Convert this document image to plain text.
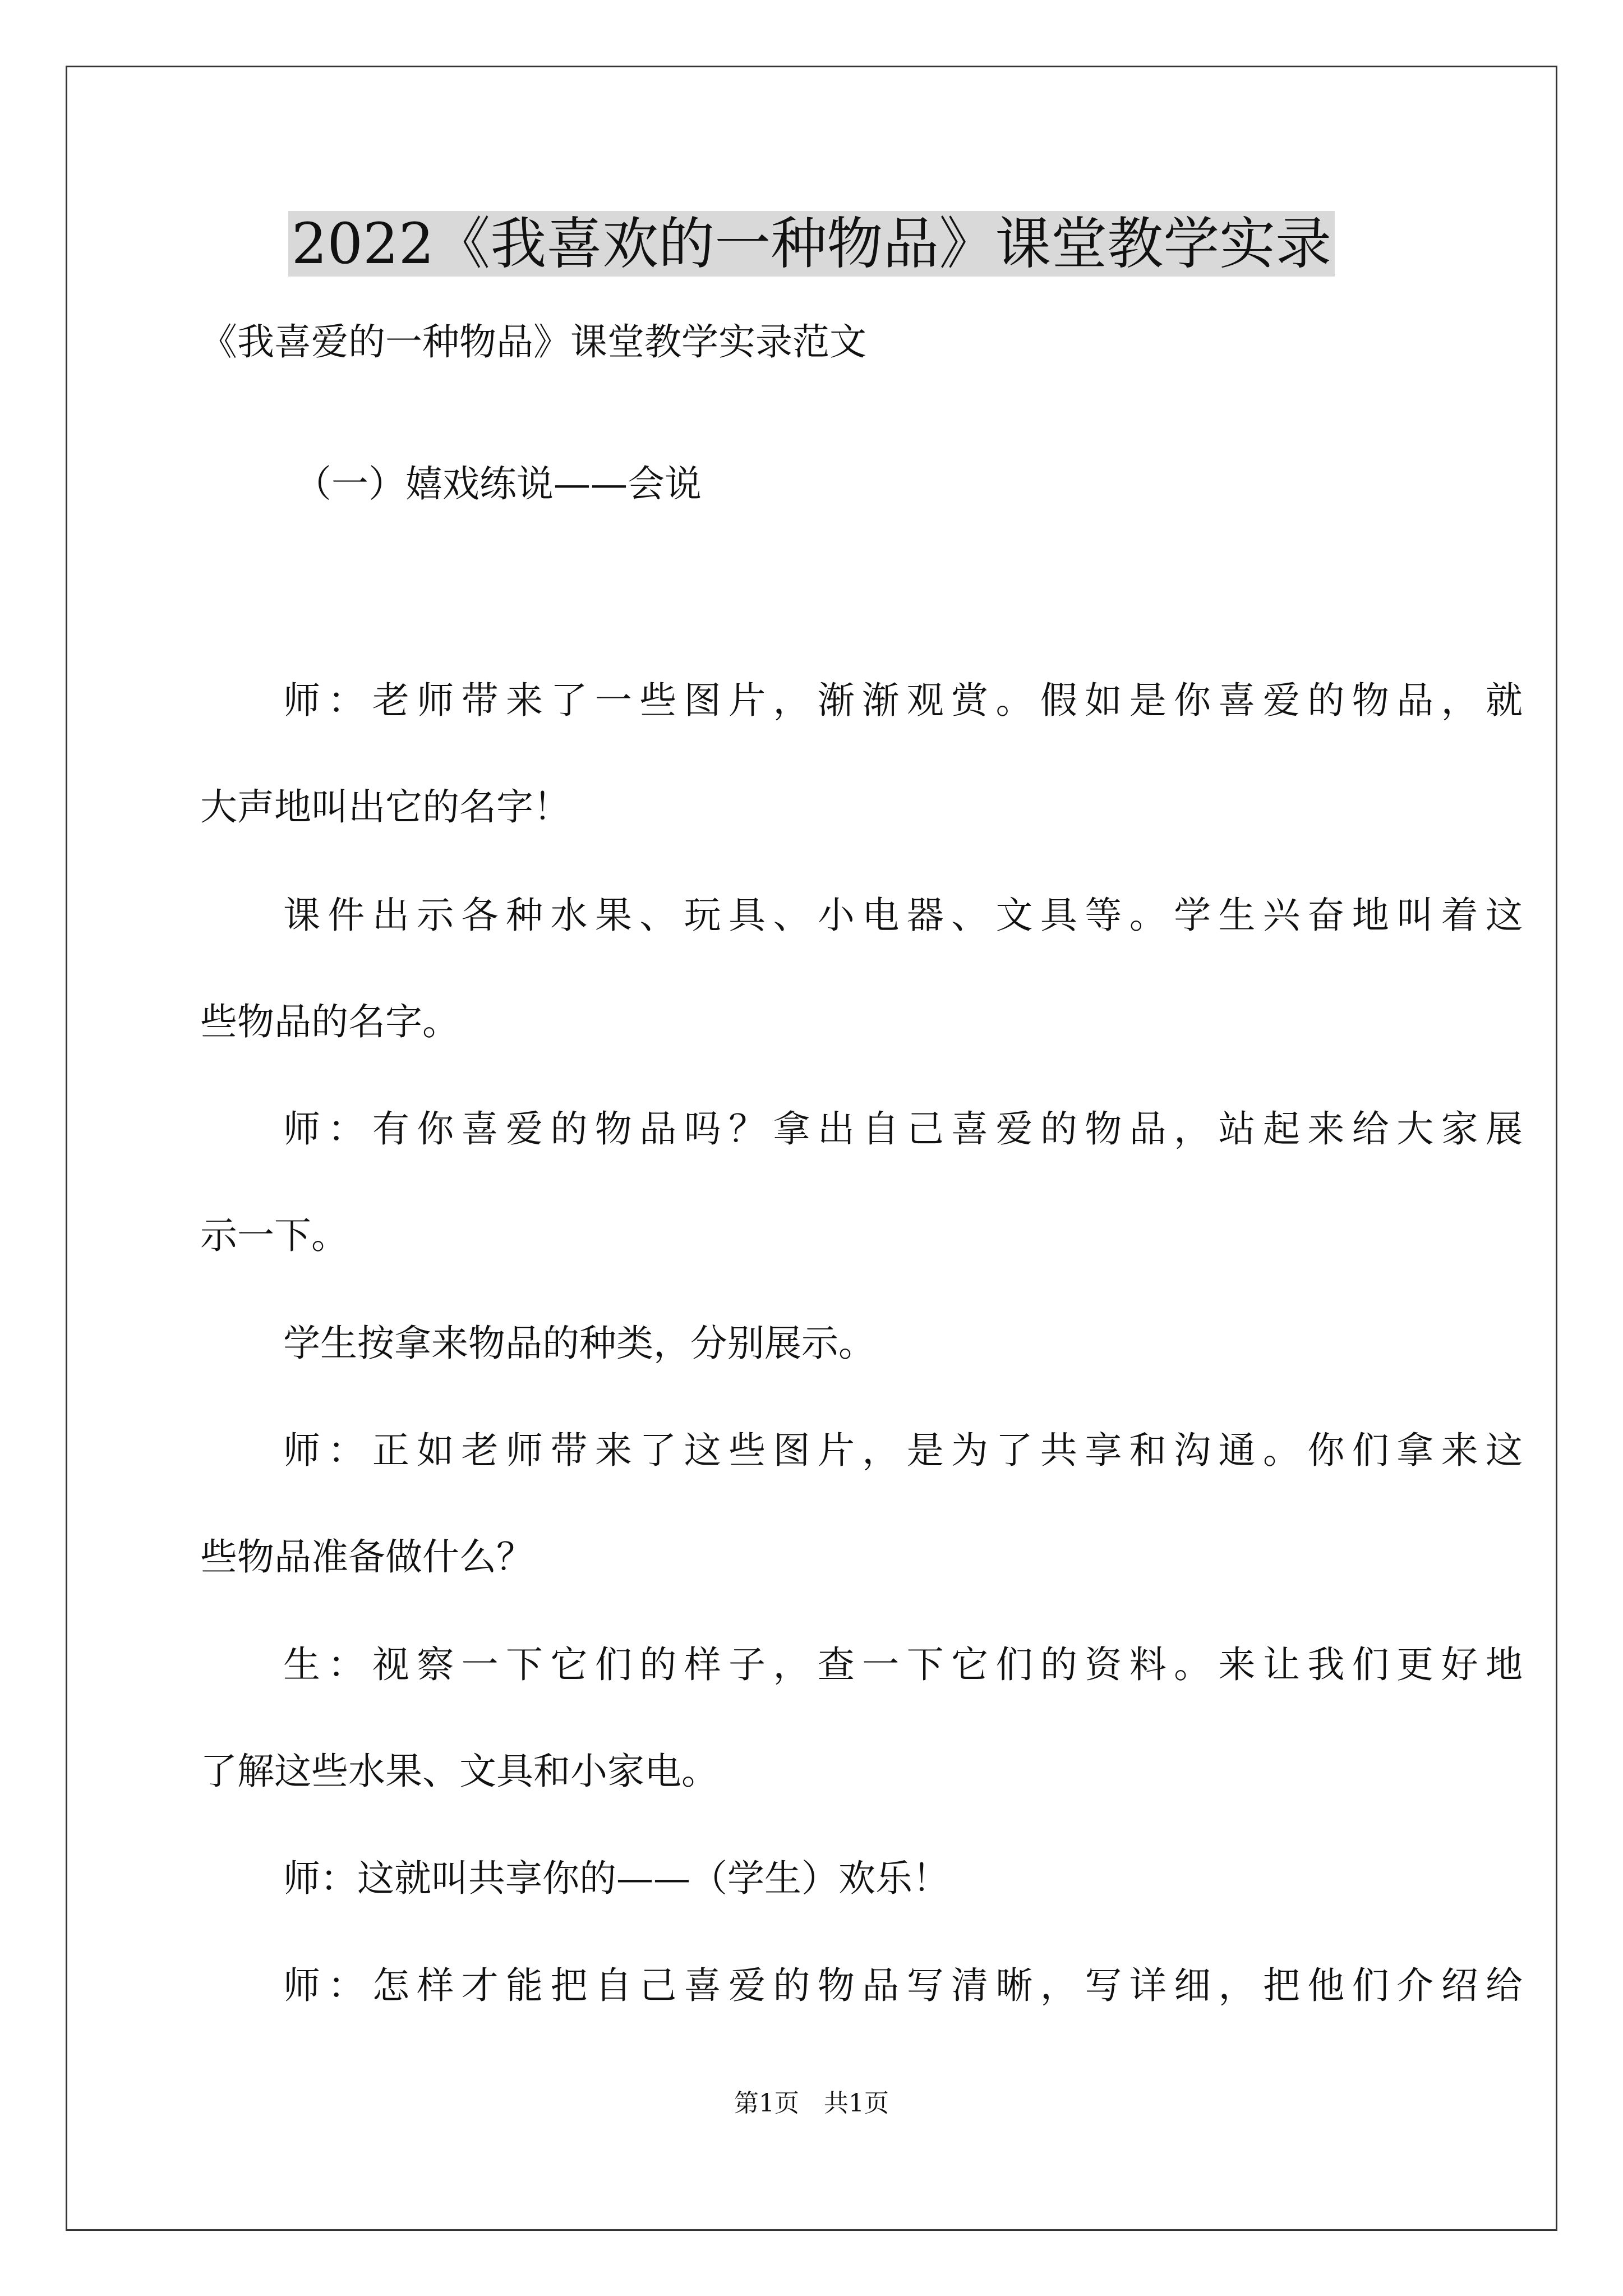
2022《我喜欢的一种物品》课堂教学实录
《我喜爱的一种物品》课堂教学实录范文
（一）嬉戏练说——会说
师：老师带来了一些图片，渐渐观赏。假如是你喜爱的物品，就
大声地叫出它的名字！
课件出示各种水果、玩具、小电器、文具等。学生兴奋地叫着这
些物品的名字。
师：有你喜爱的物品吗？拿出自己喜爱的物品，站起来给大家展
示一下。
学生按拿来物品的种类，分别展示。
师：正如老师带来了这些图片，是为了共享和沟通。你们拿来这
些物品准备做什么？
生：视察一下它们的样子，查一下它们的资料。来让我们更好地
了解这些水果、文具和小家电。
师：这就叫共享你的——（学生）欢乐！
师：怎样才能把自己喜爱的物品写清晰，写详细，把他们介绍给
第1页　共1页
